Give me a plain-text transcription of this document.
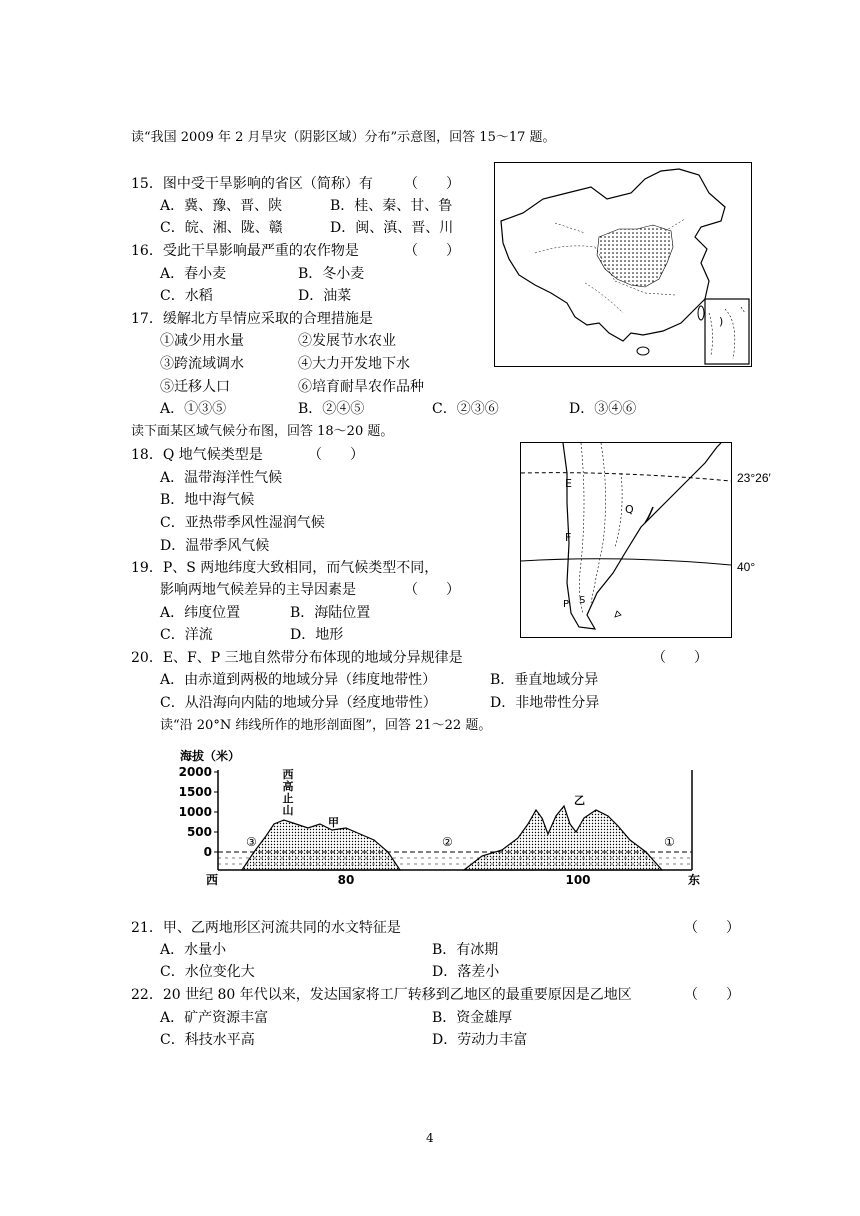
读“我国 2009 年 2 月旱灾（阴影区域）分布”示意图，回答 15～17 题。
15．图中受干旱影响的省区（简称）有 （　　）
A．冀、豫、晋、陕	B．桂、秦、甘、鲁
C．皖、湘、陇、赣	D．闽、滇、晋、川
16．受此干旱影响最严重的农作物是	（　　）
A．春小麦	B．冬小麦
C．水稻	D．油菜
17．缓解北方旱情应采取的合理措施是
①减少用水量	②发展节水农业
③跨流域调水	④大力开发地下水
⑤迁移人口	⑥培育耐旱农作品种
A．①③⑤	B．②④⑤	C．②③⑥	D．③④⑥
)
读下面某区域气候分布图，回答 18～20 题。
18．Q 地气候类型是	（　　）
A．温带海洋性气候
B．地中海气候
C．亚热带季风性湿润气候
D．温带季风气候
19．P、S 两地纬度大致相同，而气候类型不同，
影响两地气候差异的主导因素是	（　　）
A．纬度位置	B．海陆位置
C．洋流	D．地形
E
F
Q
P S
23°26′
40°
20．E、F、P 三地自然带分布体现的地域分异规律是	（　　）
A．由赤道到两极的地域分异（纬度地带性）	B．垂直地域分异
C．从沿海向内陆的地域分异（经度地带性）	D．非地带性分异
读“沿 20°N 纬线所作的地形剖面图”，回答 21～22 题。
海拔（米）
2000
1500
1000
500
0
③	②	①
西
高
止
山
甲
乙
西	80	100	东
21．甲、乙两地形区河流共同的水文特征是	（　　）
A．水量小	B．有冰期
C．水位变化大	D．落差小
22．20 世纪 80 年代以来，发达国家将工厂转移到乙地区的最重要原因是乙地区	（　　）
A．矿产资源丰富	B．资金雄厚
C．科技水平高	D．劳动力丰富
4
